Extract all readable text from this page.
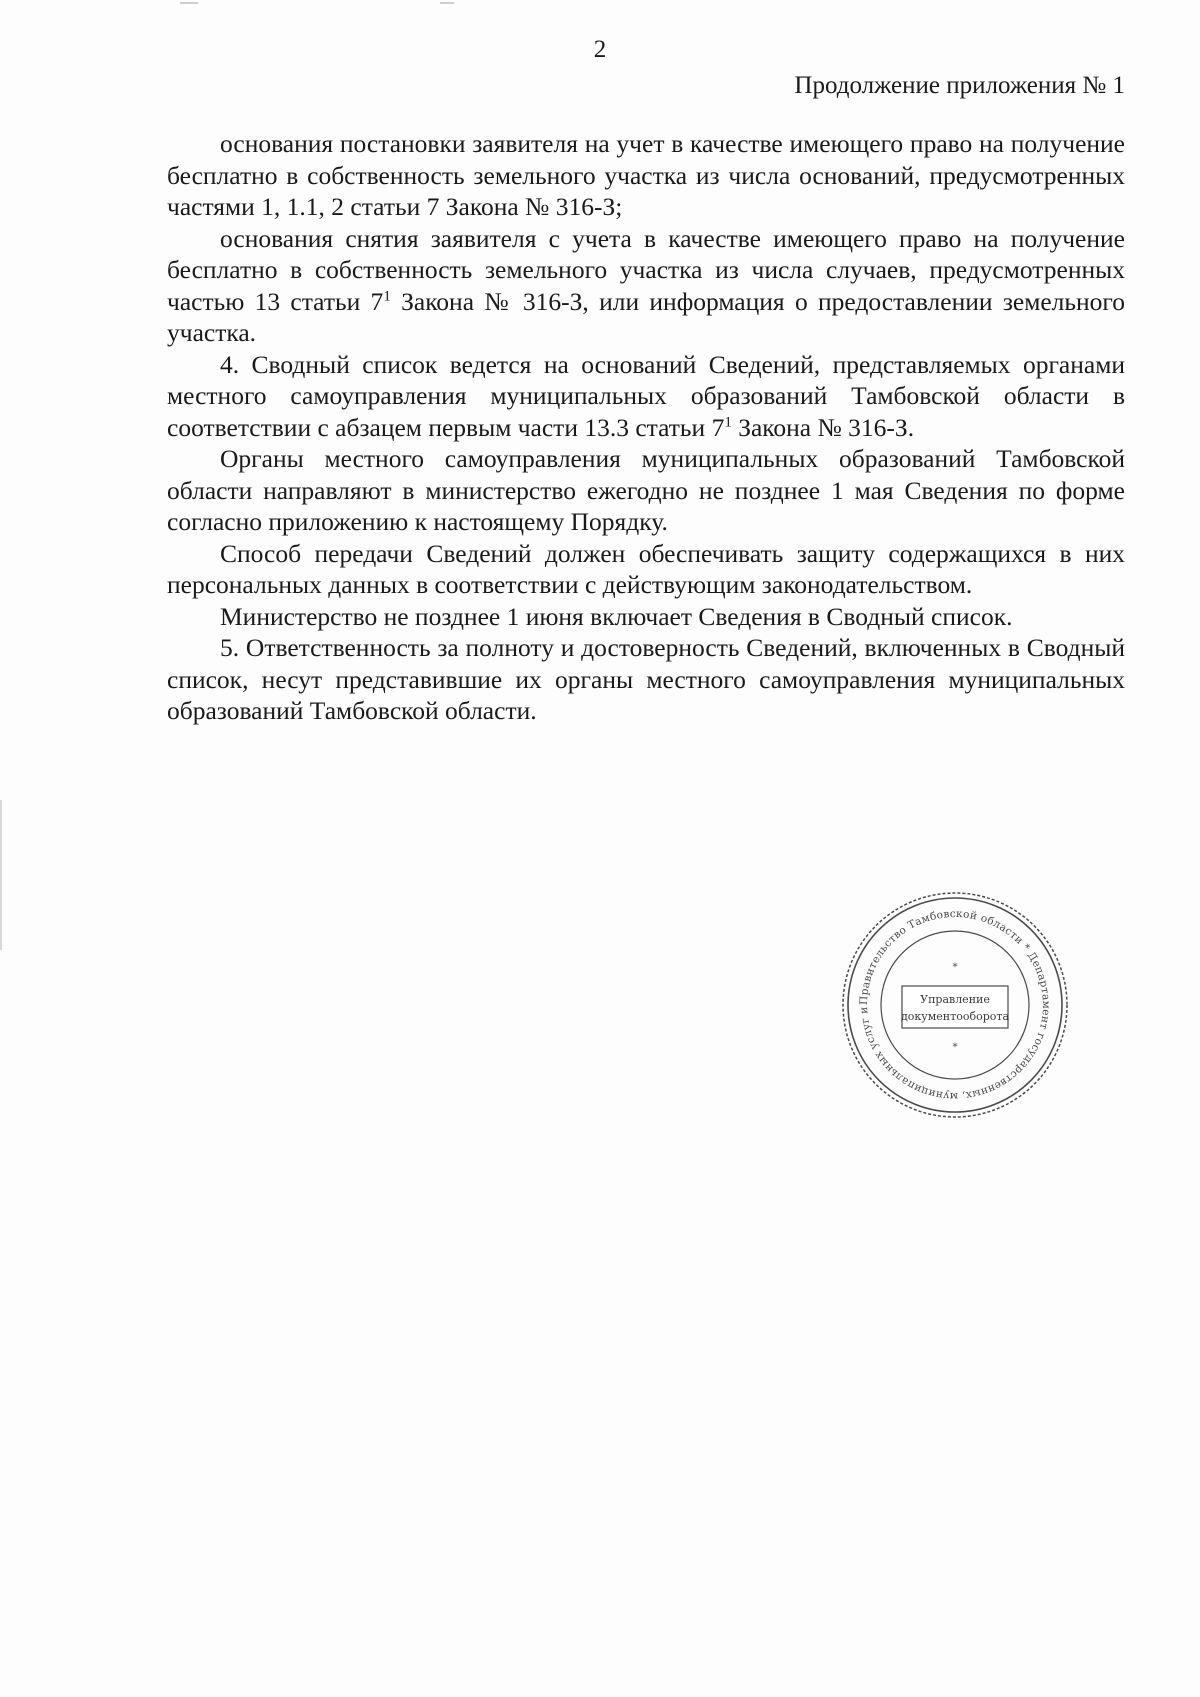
2
Продолжение приложения № 1

основания постановки заявителя на учет в качестве имеющего право на получение бесплатно в собственность земельного участка из числа оснований, предусмотренных частями 1, 1.1, 2 статьи 7 Закона № 316-З;

основания снятия заявителя с учета в качестве имеющего право на получение бесплатно в собственность земельного участка из числа случаев, предусмотренных частью 13 статьи $7^1$ Закона № 316-З, или информация о предоставлении земельного участка.

4. Сводный список ведется на оснований Сведений, представляемых органами местного самоуправления муниципальных образований Тамбовской области в соответствии с абзацем первым части 13.3 статьи $7^1$ Закона № 316-З.

Органы местного самоуправления муниципальных образований Тамбовской области направляют в министерство ежегодно не позднее 1 мая Сведения по форме согласно приложению к настоящему Порядку.

Способ передачи Сведений должен обеспечивать защиту содержащихся в них персональных данных в соответствии с действующим законодательством.

Министерство не позднее 1 июня включает Сведения в Сводный список.

5. Ответственность за полноту и достоверность Сведений, включенных в Сводный список, несут представившие их органы местного самоуправления муниципальных образований Тамбовской области.

Правительство Тамбовской области * Департамент государственных, муниципальных услуг и
Управление
документооборота
*
*
